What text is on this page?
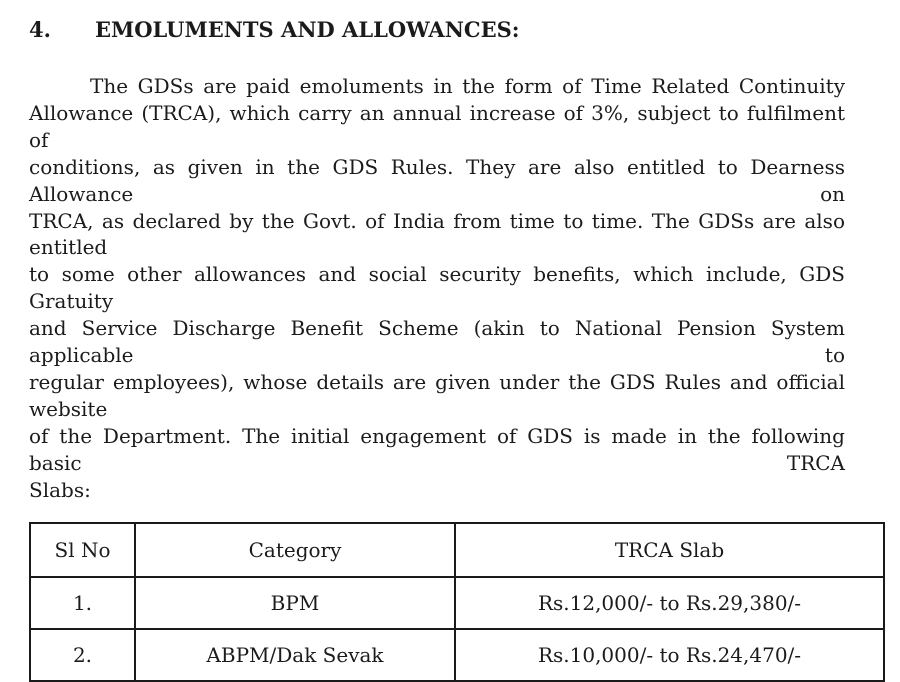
4.	EMOLUMENTS AND ALLOWANCES:
The GDSs are paid emoluments in the form of Time Related Continuity
Allowance (TRCA), which carry an annual increase of 3%, subject to fulfilment of
conditions, as given in the GDS Rules. They are also entitled to Dearness Allowance on
TRCA, as declared by the Govt. of India from time to time. The GDSs are also entitled
to some other allowances and social security benefits, which include, GDS Gratuity
and Service Discharge Benefit Scheme (akin to National Pension System applicable to
regular employees), whose details are given under the GDS Rules and official website
of the Department. The initial engagement of GDS is made in the following basic TRCA
Slabs:
Sl No	Category	TRCA Slab
1.	BPM	Rs.12,000/- to Rs.29,380/-
2.	ABPM/Dak Sevak	Rs.10,000/- to Rs.24,470/-
